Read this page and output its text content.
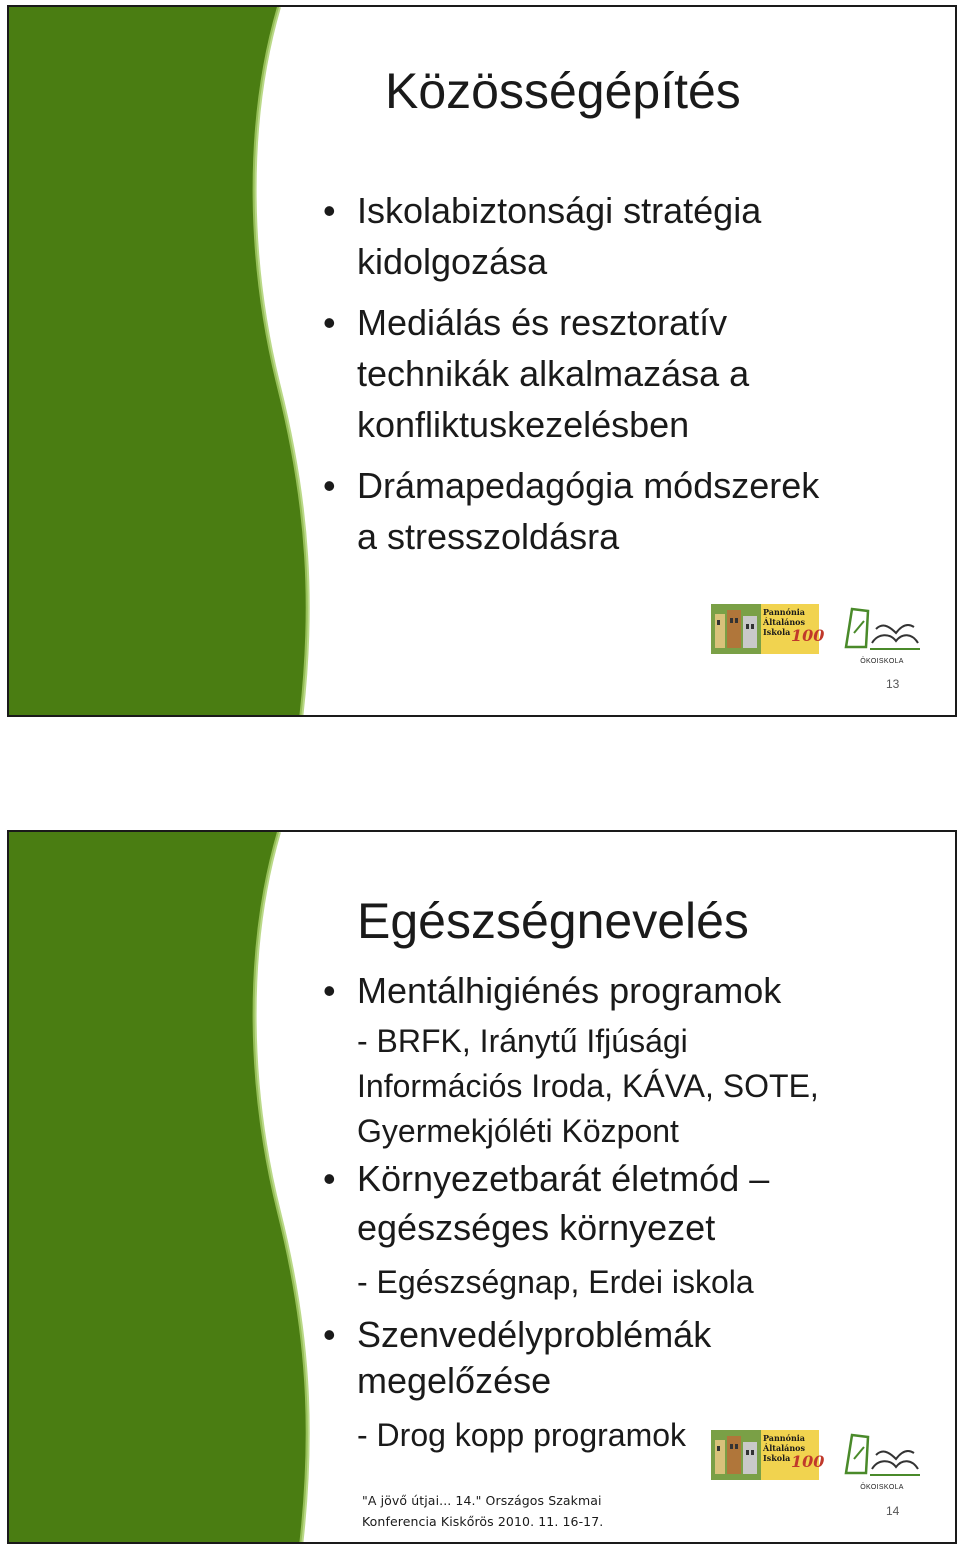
Közösségépítés
• Iskolabiztonsági stratégia
kidolgozása
• Mediálás és resztoratív
technikák alkalmazása a
konfliktuskezelésben
• Drámapedagógia módszerek
a stresszoldásra
Pannónia
Általános
Iskola 100
ÖKOISKOLA
"A jövő útjai... 14." Országos Szakmai
Konferencia Kiskőrös 2010. 11. 16-17.
13
Egészségnevelés
• Mentálhigiénés programok
- BRFK, Iránytű Ifjúsági
Információs Iroda, KÁVA, SOTE,
Gyermekjóléti Központ
• Környezetbarát életmód –
egészséges környezet
- Egészségnap, Erdei iskola
• Szenvedélyproblémák
megelőzése
- Drog kopp programok	Pannónia
Általános
Iskola 100
ÖKOISKOLA
"A jövő útjai... 14." Országos Szakmai
Konferencia Kiskőrös 2010. 11. 16-17.
14
